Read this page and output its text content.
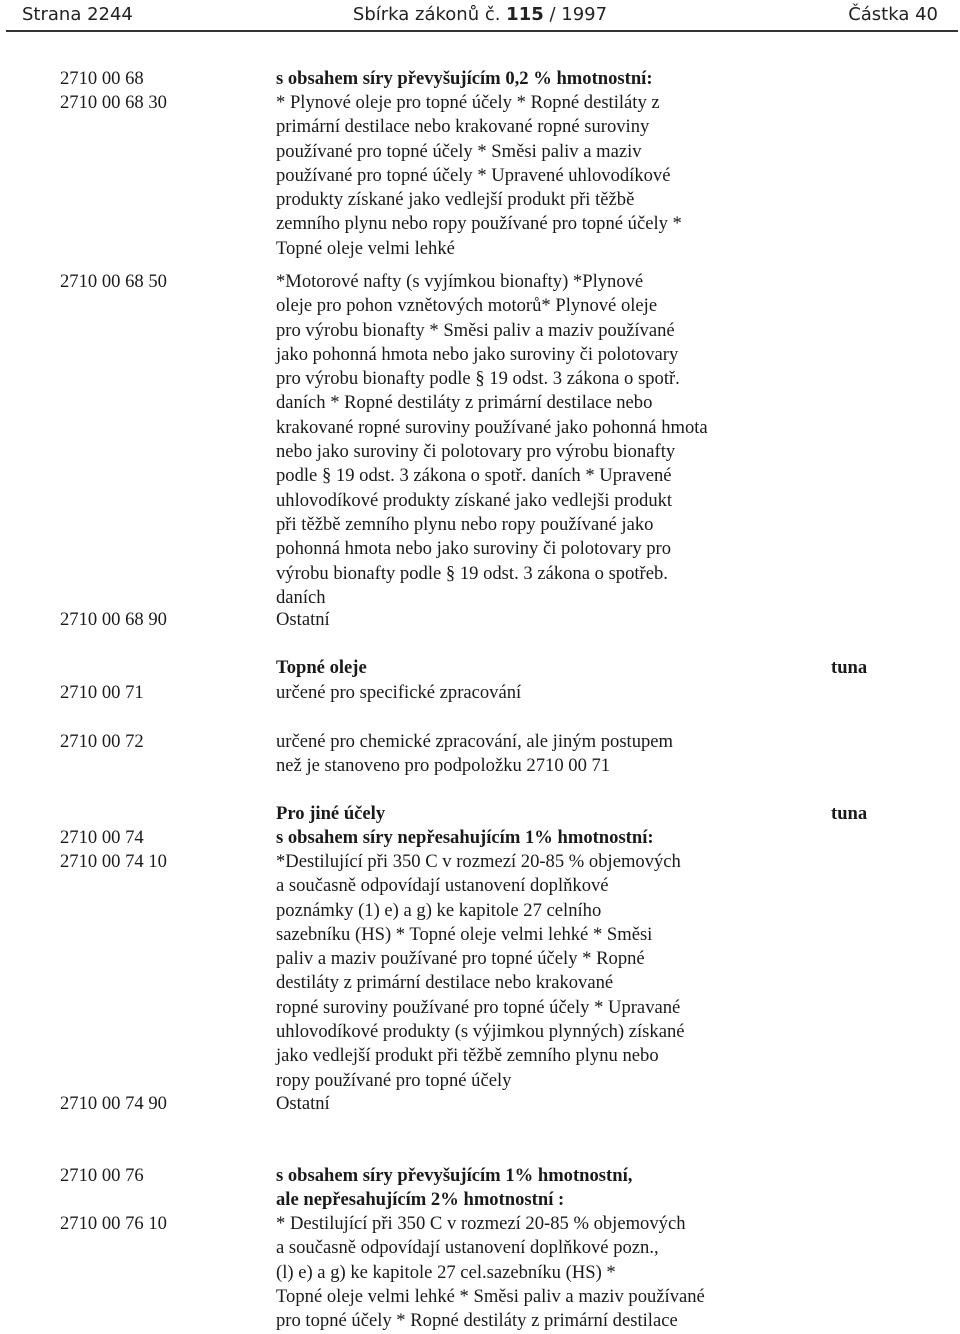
Strana 2244	Sbírka zákonů č. 115 / 1997	Částka 40
2710 00 68	s obsahem síry převyšujícím 0,2 % hmotnostní:
2710 00 68 30	* Plynové oleje pro topné účely * Ropné destiláty z
primární destilace nebo krakované ropné suroviny
používané pro topné účely * Směsi paliv a maziv
používané pro topné účely * Upravené uhlovodíkové
produkty získané jako vedlejší produkt při těžbě
zemního plynu nebo ropy používané pro topné účely *
Topné oleje velmi lehké
2710 00 68 50	*Motorové nafty (s vyjímkou bionafty) *Plynové
oleje pro pohon vznětových motorů* Plynové oleje
pro výrobu bionafty * Směsi paliv a maziv používané
jako pohonná hmota nebo jako suroviny či polotovary
pro výrobu bionafty podle § 19 odst. 3 zákona o spotř.
daních * Ropné destiláty z primární destilace nebo
krakované ropné suroviny používané jako pohonná hmota
nebo jako suroviny či polotovary pro výrobu bionafty
podle § 19 odst. 3 zákona o spotř. daních * Upravené
uhlovodíkové produkty získané jako vedlejši produkt
při těžbě zemního plynu nebo ropy používané jako
pohonná hmota nebo jako suroviny či polotovary pro
výrobu bionafty podle § 19 odst. 3 zákona o spotřeb.
daních
2710 00 68 90	Ostatní
Topné oleje	tuna
2710 00 71	určené pro specifické zpracování
2710 00 72	určené pro chemické zpracování, ale jiným postupem
než je stanoveno pro podpoložku 2710 00 71
Pro jiné účely	tuna
2710 00 74	s obsahem síry nepřesahujícím 1% hmotnostní:
2710 00 74 10	*Destilující při 350 C v rozmezí 20-85 % objemových
a současně odpovídají ustanovení doplňkové
poznámky (1) e) a g) ke kapitole 27 celního
sazebníku (HS) * Topné oleje velmi lehké * Směsi
paliv a maziv používané pro topné účely * Ropné
destiláty z primární destilace nebo krakované
ropné suroviny používané pro topné účely * Upravané
uhlovodíkové produkty (s výjimkou plynných) získané
jako vedlejší produkt při těžbě zemního plynu nebo
ropy používané pro topné účely
2710 00 74 90	Ostatní
2710 00 76	s obsahem síry převyšujícím 1% hmotnostní,
ale nepřesahujícím 2% hmotnostní :
2710 00 76 10	* Destilující při 350 C v rozmezí 20-85 % objemových
a současně odpovídají ustanovení doplňkové pozn.,
(l) e) a g) ke kapitole 27 cel.sazebníku (HS) *
Topné oleje velmi lehké * Směsi paliv a maziv používané
pro topné účely * Ropné destiláty z primární destilace
